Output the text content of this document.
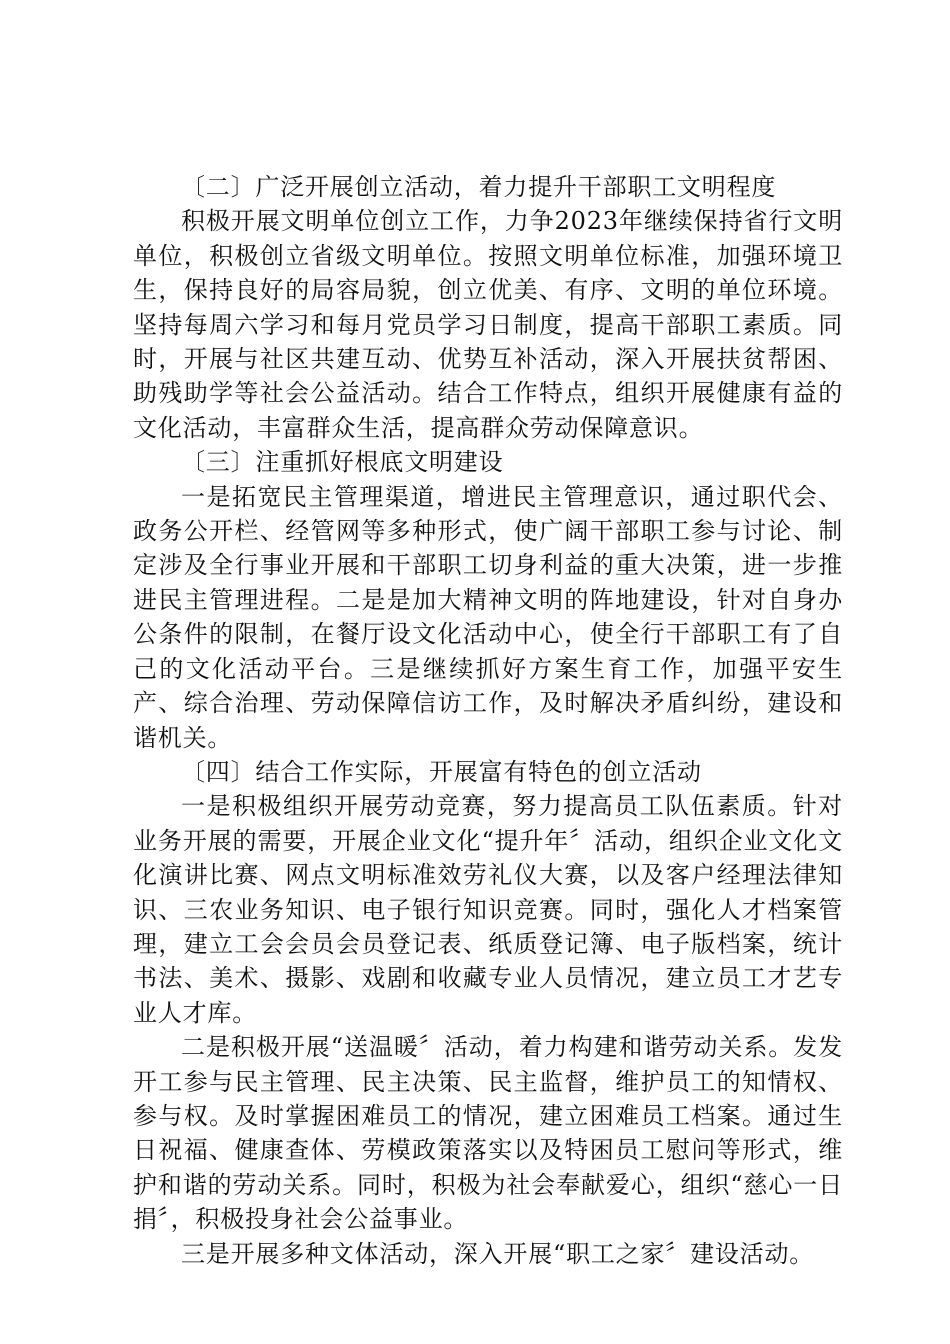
〔二〕广泛开展创立活动，着力提升干部职工文明程度

积极开展文明单位创立工作，力争2023年继续保持省行文明单位，积极创立省级文明单位。按照文明单位标准，加强环境卫生，保持良好的局容局貌，创立优美、有序、文明的单位环境。坚持每周六学习和每月党员学习日制度，提高干部职工素质。同时，开展与社区共建互动、优势互补活动，深入开展扶贫帮困、助残助学等社会公益活动。结合工作特点，组织开展健康有益的文化活动，丰富群众生活，提高群众劳动保障意识。

〔三〕注重抓好根底文明建设

一是拓宽民主管理渠道，增进民主管理意识，通过职代会、政务公开栏、经管网等多种形式，使广阔干部职工参与讨论、制定涉及全行事业开展和干部职工切身利益的重大决策，进一步推进民主管理进程。二是是加大精神文明的阵地建设，针对自身办公条件的限制，在餐厅设文化活动中心，使全行干部职工有了自己的文化活动平台。三是继续抓好方案生育工作，加强平安生产、综合治理、劳动保障信访工作，及时解决矛盾纠纷，建设和谐机关。

〔四〕结合工作实际，开展富有特色的创立活动

一是积极组织开展劳动竞赛，努力提高员工队伍素质。针对业务开展的需要，开展企业文化“提升年〞活动，组织企业文化文化演讲比赛、网点文明标准效劳礼仪大赛，以及客户经理法律知识、三农业务知识、电子银行知识竞赛。同时，强化人才档案管理，建立工会会员会员登记表、纸质登记簿、电子版档案，统计书法、美术、摄影、戏剧和收藏专业人员情况，建立员工才艺专业人才库。

二是积极开展“送温暖〞活动，着力构建和谐劳动关系。发发开工参与民主管理、民主决策、民主监督，维护员工的知情权、参与权。及时掌握困难员工的情况，建立困难员工档案。通过生日祝福、健康查体、劳模政策落实以及特困员工慰问等形式，维护和谐的劳动关系。同时，积极为社会奉献爱心，组织“慈心一日捐〞，积极投身社会公益事业。

三是开展多种文体活动，深入开展“职工之家〞建设活动。
